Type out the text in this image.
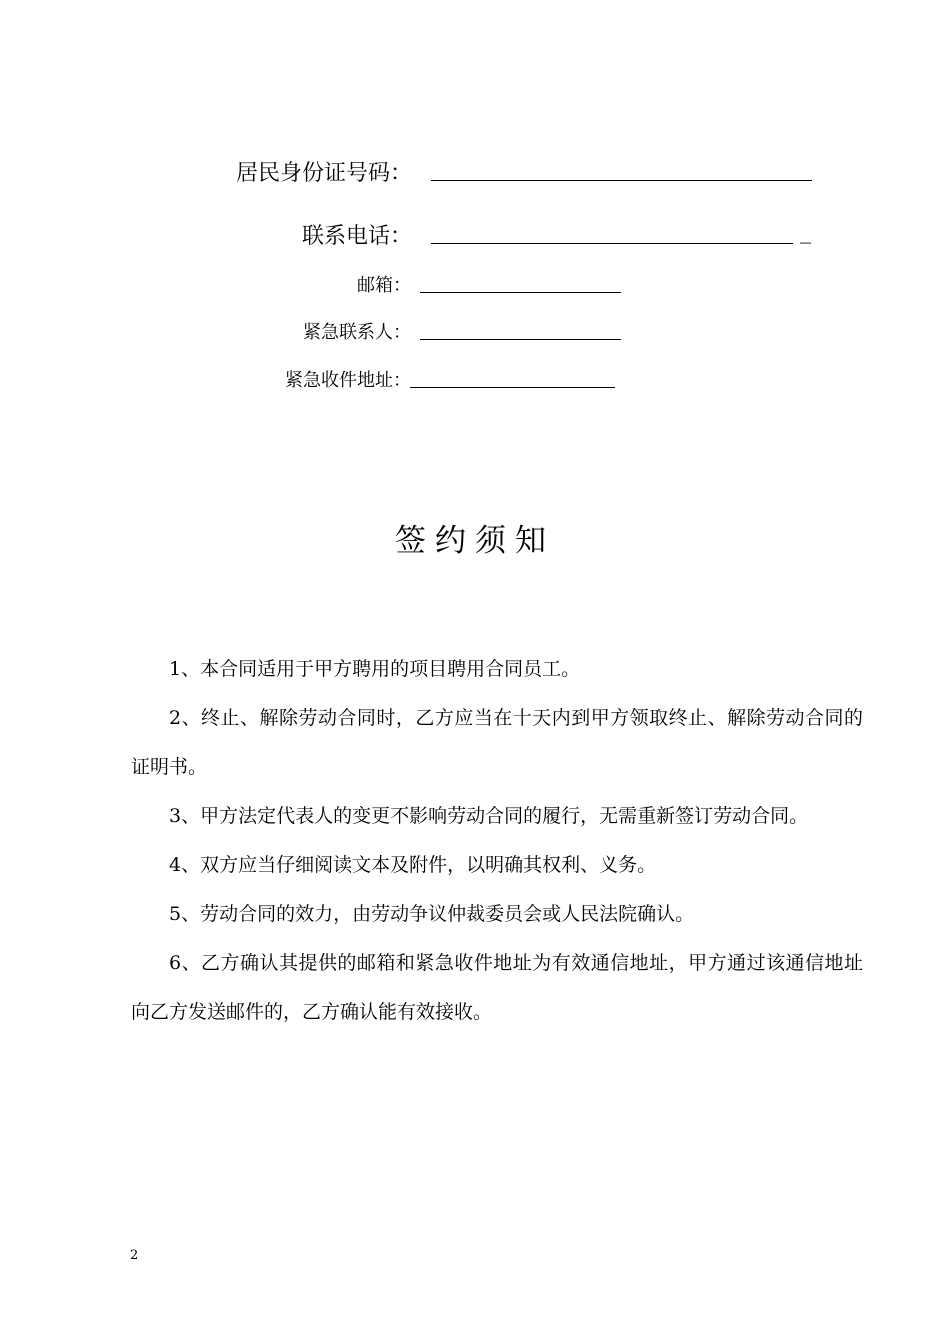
居民身份证号码：
联系电话：	_
邮箱：
紧急联系人：
紧急收件地址：
签约须知

1、本合同适用于甲方聘用的项目聘用合同员工。

2、终止、解除劳动合同时，乙方应当在十天内到甲方领取终止、解除劳动合同的证明书。

3、甲方法定代表人的变更不影响劳动合同的履行，无需重新签订劳动合同。

4、双方应当仔细阅读文本及附件，以明确其权利、义务。

5、劳动合同的效力，由劳动争议仲裁委员会或人民法院确认。

6、乙方确认其提供的邮箱和紧急收件地址为有效通信地址，甲方通过该通信地址向乙方发送邮件的，乙方确认能有效接收。

2
